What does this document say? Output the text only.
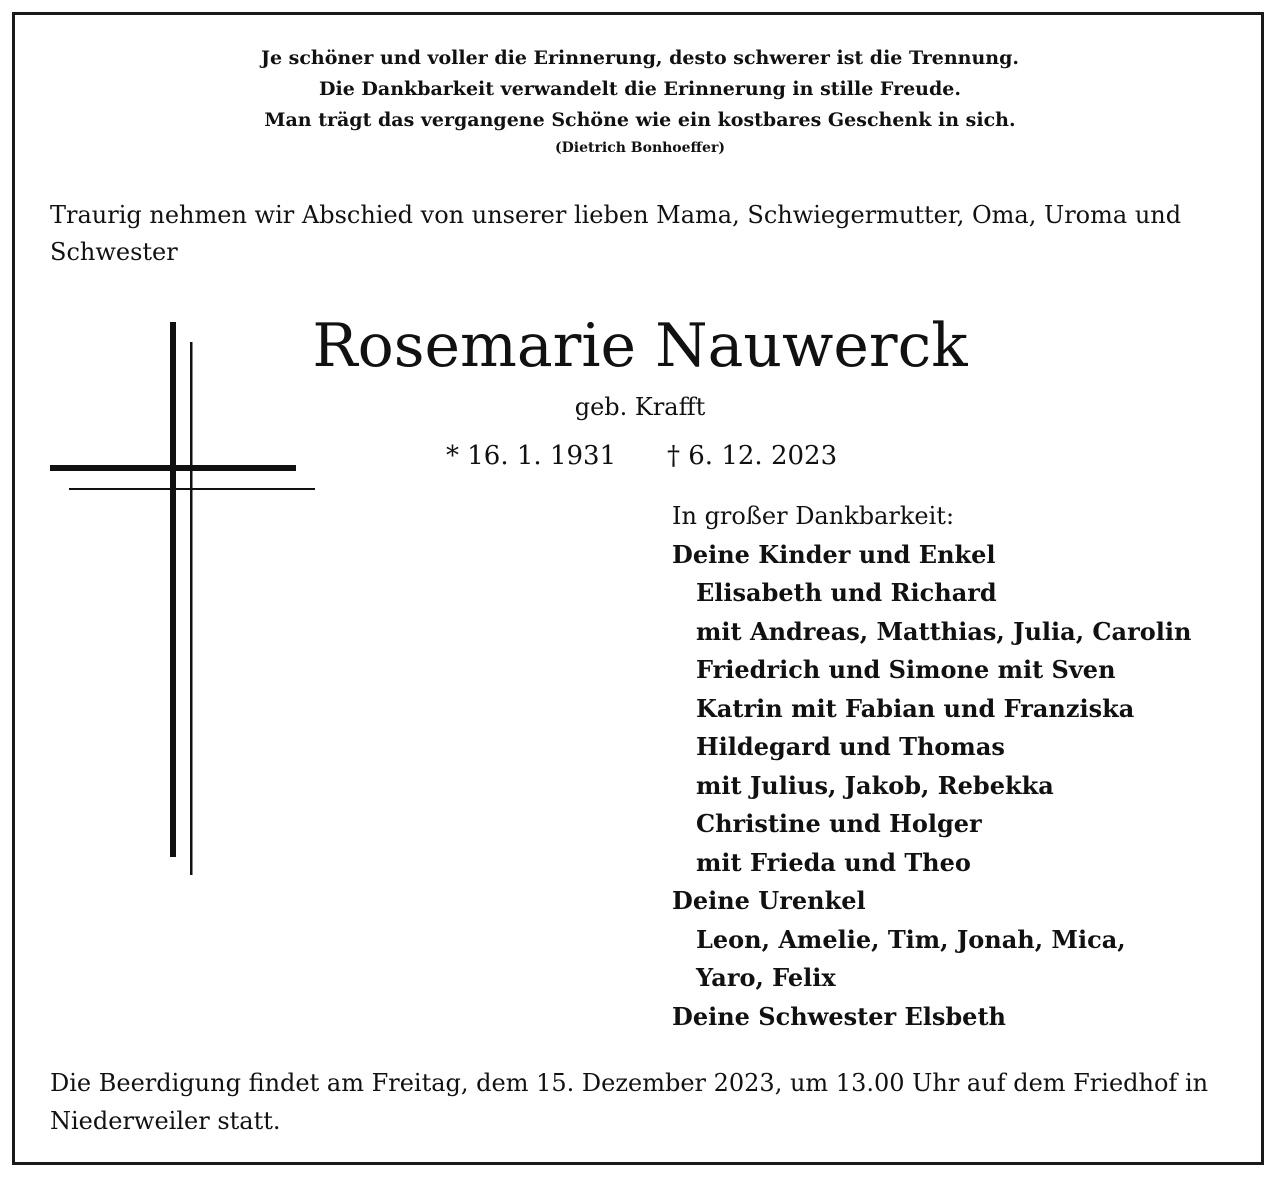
Je schöner und voller die Erinnerung, desto schwerer ist die Trennung.
Die Dankbarkeit verwandelt die Erinnerung in stille Freude.
Man trägt das vergangene Schöne wie ein kostbares Geschenk in sich.
(Dietrich Bonhoeffer)
Traurig nehmen wir Abschied von unserer lieben Mama, Schwiegermutter, Oma, Uroma und Schwester
Rosemarie Nauwerck
geb. Krafft
* 16. 1. 1931 † 6. 12. 2023
In großer Dankbarkeit:
Deine Kinder und Enkel
Elisabeth und Richard
mit Andreas, Matthias, Julia, Carolin
Friedrich und Simone mit Sven
Katrin mit Fabian und Franziska
Hildegard und Thomas
mit Julius, Jakob, Rebekka
Christine und Holger
mit Frieda und Theo
Deine Urenkel
Leon, Amelie, Tim, Jonah, Mica,
Yaro, Felix
Deine Schwester Elsbeth
Die Beerdigung findet am Freitag, dem 15. Dezember 2023, um 13.00 Uhr auf dem Friedhof in Niederweiler statt.
